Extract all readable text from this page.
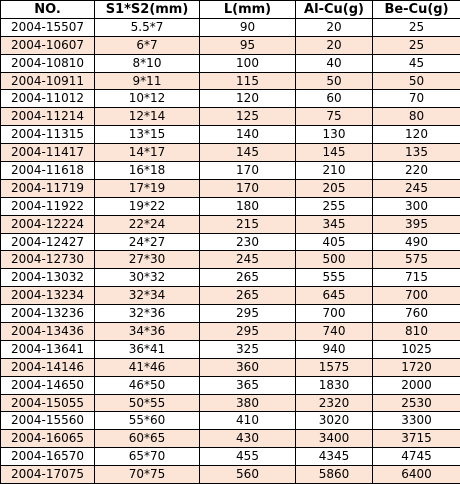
NO.	S1*S2(mm)	L(mm)	Al-Cu(g)	Be-Cu(g)
2004-15507	5.5*7	90	20	25
2004-10607	6*7	95	20	25
2004-10810	8*10	100	40	45
2004-10911	9*11	115	50	50
2004-11012	10*12	120	60	70
2004-11214	12*14	125	75	80
2004-11315	13*15	140	130	120
2004-11417	14*17	145	145	135
2004-11618	16*18	170	210	220
2004-11719	17*19	170	205	245
2004-11922	19*22	180	255	300
2004-12224	22*24	215	345	395
2004-12427	24*27	230	405	490
2004-12730	27*30	245	500	575
2004-13032	30*32	265	555	715
2004-13234	32*34	265	645	700
2004-13236	32*36	295	700	760
2004-13436	34*36	295	740	810
2004-13641	36*41	325	940	1025
2004-14146	41*46	360	1575	1720
2004-14650	46*50	365	1830	2000
2004-15055	50*55	380	2320	2530
2004-15560	55*60	410	3020	3300
2004-16065	60*65	430	3400	3715
2004-16570	65*70	455	4345	4745
2004-17075	70*75	560	5860	6400
